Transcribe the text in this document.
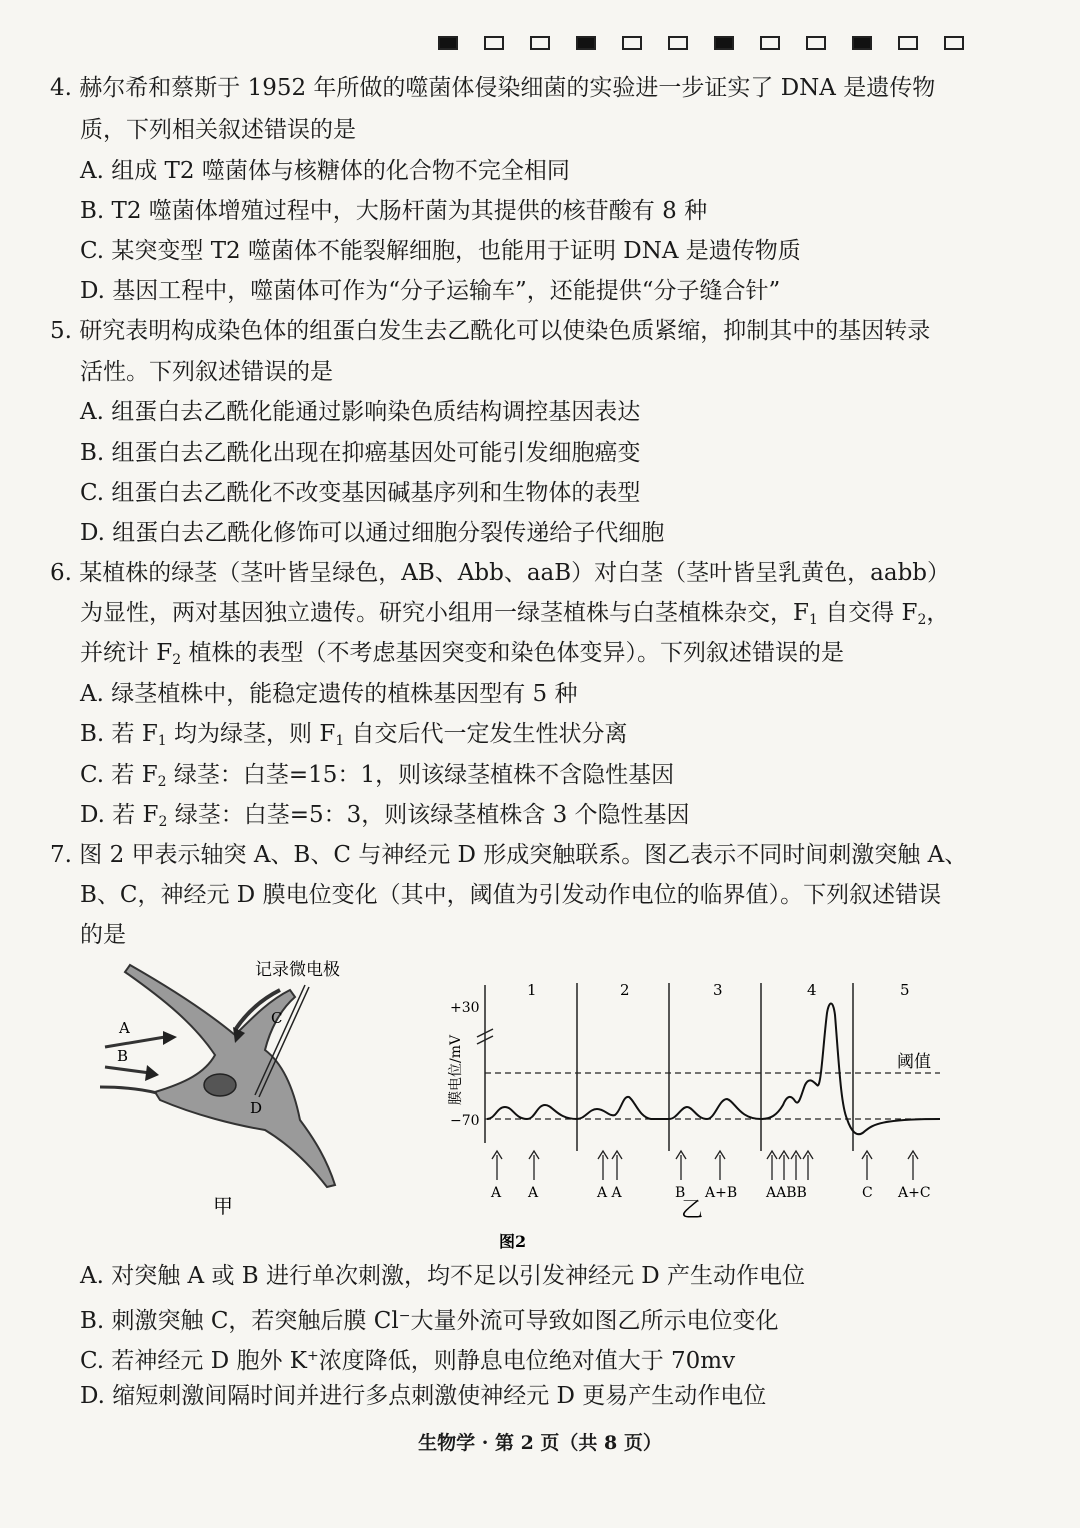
4. 赫尔希和蔡斯于 1952 年所做的噬菌体侵染细菌的实验进一步证实了 DNA 是遗传物
质，下列相关叙述错误的是
A. 组成 T2 噬菌体与核糖体的化合物不完全相同
B. T2 噬菌体增殖过程中，大肠杆菌为其提供的核苷酸有 8 种
C. 某突变型 T2 噬菌体不能裂解细胞，也能用于证明 DNA 是遗传物质
D. 基因工程中，噬菌体可作为“分子运输车”，还能提供“分子缝合针”
5. 研究表明构成染色体的组蛋白发生去乙酰化可以使染色质紧缩，抑制其中的基因转录
活性。下列叙述错误的是
A. 组蛋白去乙酰化能通过影响染色质结构调控基因表达
B. 组蛋白去乙酰化出现在抑癌基因处可能引发细胞癌变
C. 组蛋白去乙酰化不改变基因碱基序列和生物体的表型
D. 组蛋白去乙酰化修饰可以通过细胞分裂传递给子代细胞
6. 某植株的绿茎（茎叶皆呈绿色，AB、Abb、aaB）对白茎（茎叶皆呈乳黄色，aabb）
为显性，两对基因独立遗传。研究小组用一绿茎植株与白茎植株杂交，$F_1$ 自交得 $F_2$，
并统计 $F_2$ 植株的表型（不考虑基因突变和染色体变异）。下列叙述错误的是
A. 绿茎植株中，能稳定遗传的植株基因型有 5 种
B. 若 $F_1$ 均为绿茎，则 $F_1$ 自交后代一定发生性状分离
C. 若 $F_2$ 绿茎：白茎=15：1，则该绿茎植株不含隐性基因
D. 若 $F_2$ 绿茎：白茎=5：3，则该绿茎植株含 3 个隐性基因
7. 图 2 甲表示轴突 A、B、C 与神经元 D 形成突触联系。图乙表示不同时间刺激突触 A、
B、C，神经元 D 膜电位变化（其中，阈值为引发动作电位的临界值）。下列叙述错误
的是
记录微电极
A
B
C
D
甲
+30
−70
膜电位/mV	阈值
1	2	3	4	5
A A	A A	B A+B AABB	C A+C
乙
图2
A. 对突触 A 或 B 进行单次刺激，均不足以引发神经元 D 产生动作电位
B. 刺激突触 C，若突触后膜 Cl−大量外流可导致如图乙所示电位变化
C. 若神经元 D 胞外 K+浓度降低，则静息电位绝对值大于 70mv
D. 缩短刺激间隔时间并进行多点刺激使神经元 D 更易产生动作电位
生物学 · 第 2 页（共 8 页）
